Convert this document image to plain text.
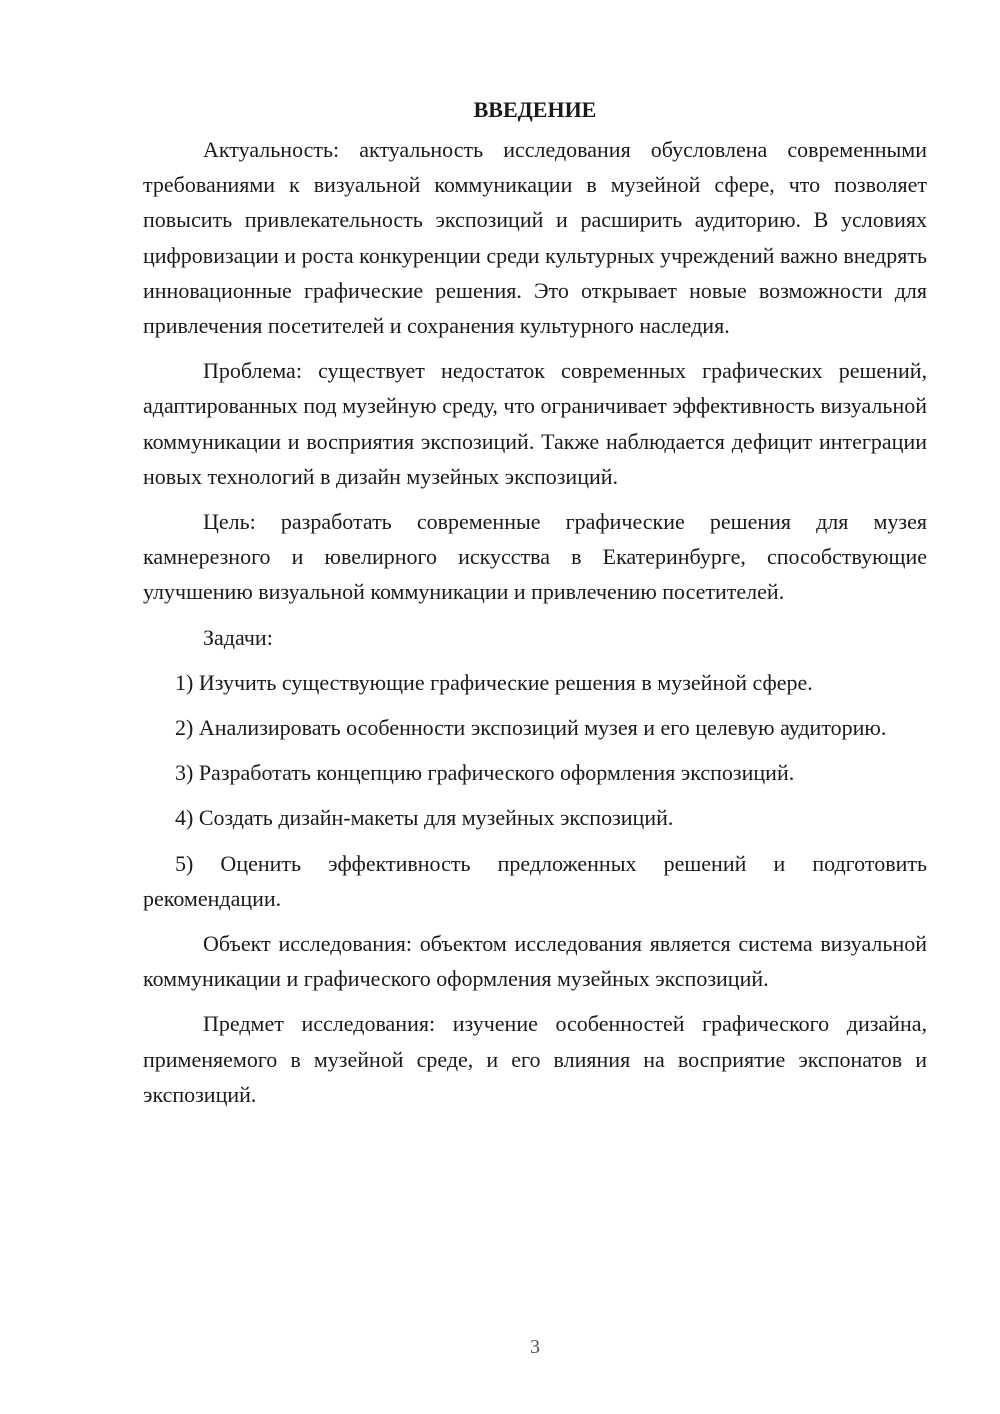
ВВЕДЕНИЕ

Актуальность: актуальность исследования обусловлена современными требованиями к визуальной коммуникации в музейной сфере, что позволяет повысить привлекательность экспозиций и расширить аудиторию. В условиях цифровизации и роста конкуренции среди культурных учреждений важно внедрять инновационные графические решения. Это открывает новые возможности для привлечения посетителей и сохранения культурного наследия.

Проблема: существует недостаток современных графических решений, адаптированных под музейную среду, что ограничивает эффективность визуальной коммуникации и восприятия экспозиций. Также наблюдается дефицит интеграции новых технологий в дизайн музейных экспозиций.

Цель: разработать современные графические решения для музея камнерезного и ювелирного искусства в Екатеринбурге, способствующие улучшению визуальной коммуникации и привлечению посетителей.

Задачи:

1) Изучить существующие графические решения в музейной сфере.

2) Анализировать особенности экспозиций музея и его целевую аудиторию.

3) Разработать концепцию графического оформления экспозиций.

4) Создать дизайн-макеты для музейных экспозиций.

5) Оценить эффективность предложенных решений и подготовить рекомендации.

Объект исследования: объектом исследования является система визуальной коммуникации и графического оформления музейных экспозиций.

Предмет исследования: изучение особенностей графического дизайна, применяемого в музейной среде, и его влияния на восприятие экспонатов и экспозиций.

3
